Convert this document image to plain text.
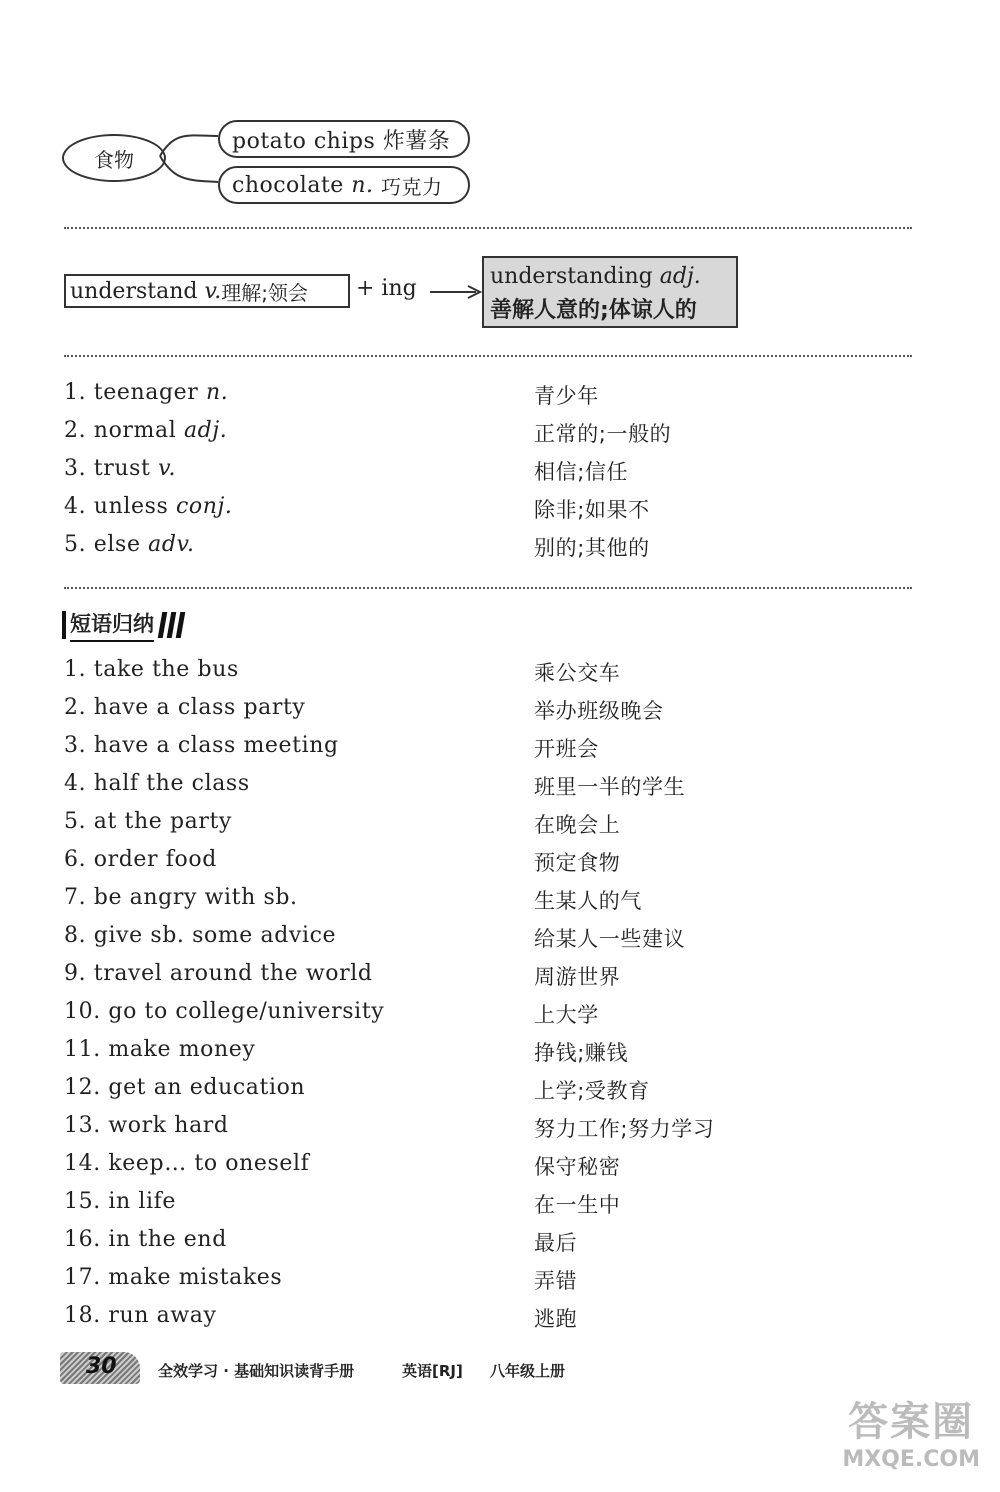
食物
potato chips 炸薯条
chocolate
n.
巧克力
understand
v. 理解;领会 + ing	understanding adj.
善解人意的;体谅人的
1. teenager n.	青少年
2. normal adj.	正常的;一般的
3. trust v.	相信;信任
4. unless conj.	除非;如果不
5. else adv.	别的;其他的
短语归纳
1. take the bus	乘公交车
2. have a class party	举办班级晚会
3. have a class meeting	开班会
4. half the class	班里一半的学生
5. at the party	在晚会上
6. order food	预定食物
7. be angry with sb.	生某人的气
8. give sb. some advice	给某人一些建议
9. travel around the world	周游世界
10. go to college/university	上大学
11. make money	挣钱;赚钱
12. get an education	上学;受教育
13. work hard	努力工作;努力学习
14. keep… to oneself	保守秘密
15. in life	在一生中
16. in the end	最后
17. make mistakes	弄错
18. run away	逃跑
30	全效学习 · 基础知识读背手册	英语[RJ] 八年级上册
答案圈
MXQE.COM
